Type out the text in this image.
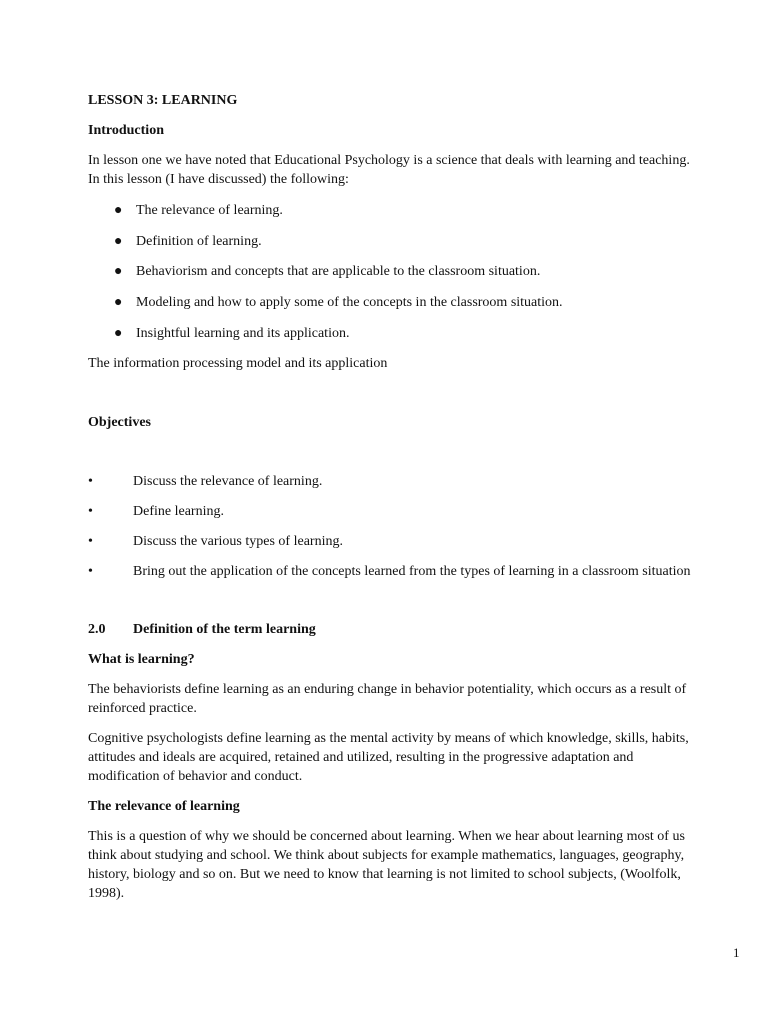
LESSON 3: LEARNING
Introduction
In lesson one we have noted that Educational Psychology is a science that deals with learning and teaching.
In this lesson (I have discussed) the following:
● The relevance of learning.
● Definition of learning.
● Behaviorism and concepts that are applicable to the classroom situation.
● Modeling and how to apply some of the concepts in the classroom situation.
● Insightful learning and its application.
The information processing model and its application
Objectives
•	Discuss the relevance of learning.
•	Define learning.
•	Discuss the various types of learning.
•	Bring out the application of the concepts learned from the types of learning in a classroom situation
2.0 Definition of the term learning
What is learning?
The behaviorists define learning as an enduring change in behavior potentiality, which occurs as a result of
reinforced practice.
Cognitive psychologists define learning as the mental activity by means of which knowledge, skills, habits,
attitudes and ideals are acquired, retained and utilized, resulting in the progressive adaptation and
modification of behavior and conduct.
The relevance of learning
This is a question of why we should be concerned about learning. When we hear about learning most of us
think about studying and school. We think about subjects for example mathematics, languages, geography,
history, biology and so on. But we need to know that learning is not limited to school subjects, (Woolfolk,
1998).
1
